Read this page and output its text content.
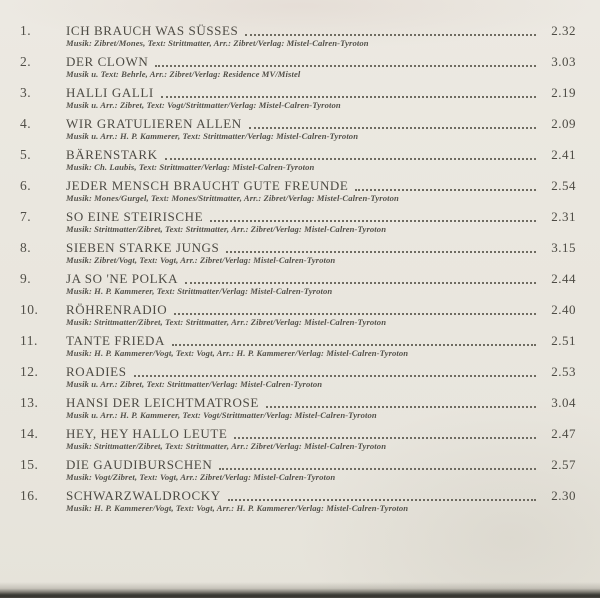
1.	ICH BRAUCH WAS SÜSSES	2.32
Musik: Zibret/Mones, Text: Strittmatter, Arr.: Zibret/Verlag: Mistel-Calren-Tyroton
2.	DER CLOWN	3.03
Musik u. Text: Behrle, Arr.: Zibret/Verlag: Residence MV/Mistel
3.	HALLI GALLI	2.19
Musik u. Arr.: Zibret, Text: Vogt/Strittmatter/Verlag: Mistel-Calren-Tyroton
4.	WIR GRATULIEREN ALLEN	2.09
Musik u. Arr.: H. P. Kammerer, Text: Strittmatter/Verlag: Mistel-Calren-Tyroton
5.	BÄRENSTARK	2.41
Musik: Ch. Laubis, Text: Strittmatter/Verlag: Mistel-Calren-Tyroton
6.	JEDER MENSCH BRAUCHT GUTE FREUNDE	2.54
Musik: Mones/Gurgel, Text: Mones/Strittmatter, Arr.: Zibret/Verlag: Mistel-Calren-Tyroton
7.	SO EINE STEIRISCHE	2.31
Musik: Strittmatter/Zibret, Text: Strittmatter, Arr.: Zibret/Verlag: Mistel-Calren-Tyroton
8.	SIEBEN STARKE JUNGS	3.15
Musik: Zibret/Vogt, Text: Vogt, Arr.: Zibret/Verlag: Mistel-Calren-Tyroton
9.	JA SO 'NE POLKA	2.44
Musik: H. P. Kammerer, Text: Strittmatter/Verlag: Mistel-Calren-Tyroton
10.	RÖHRENRADIO	2.40
Musik: Strittmatter/Zibret, Text: Strittmatter, Arr.: Zibret/Verlag: Mistel-Calren-Tyroton
11.	TANTE FRIEDA	2.51
Musik: H. P. Kammerer/Vogt, Text: Vogt, Arr.: H. P. Kammerer/Verlag: Mistel-Calren-Tyroton
12.	ROADIES	2.53
Musik u. Arr.: Zibret, Text: Strittmatter/Verlag: Mistel-Calren-Tyroton
13.	HANSI DER LEICHTMATROSE	3.04
Musik u. Arr.: H. P. Kammerer, Text: Vogt/Strittmatter/Verlag: Mistel-Calren-Tyroton
14.	HEY, HEY HALLO LEUTE	2.47
Musik: Strittmatter/Zibret, Text: Strittmatter, Arr.: Zibret/Verlag: Mistel-Calren-Tyroton
15.	DIE GAUDIBURSCHEN	2.57
Musik: Vogt/Zibret, Text: Vogt, Arr.: Zibret/Verlag: Mistel-Calren-Tyroton
16.	SCHWARZWALDROCKY	2.30
Musik: H. P. Kammerer/Vogt, Text: Vogt, Arr.: H. P. Kammerer/Verlag: Mistel-Calren-Tyroton
